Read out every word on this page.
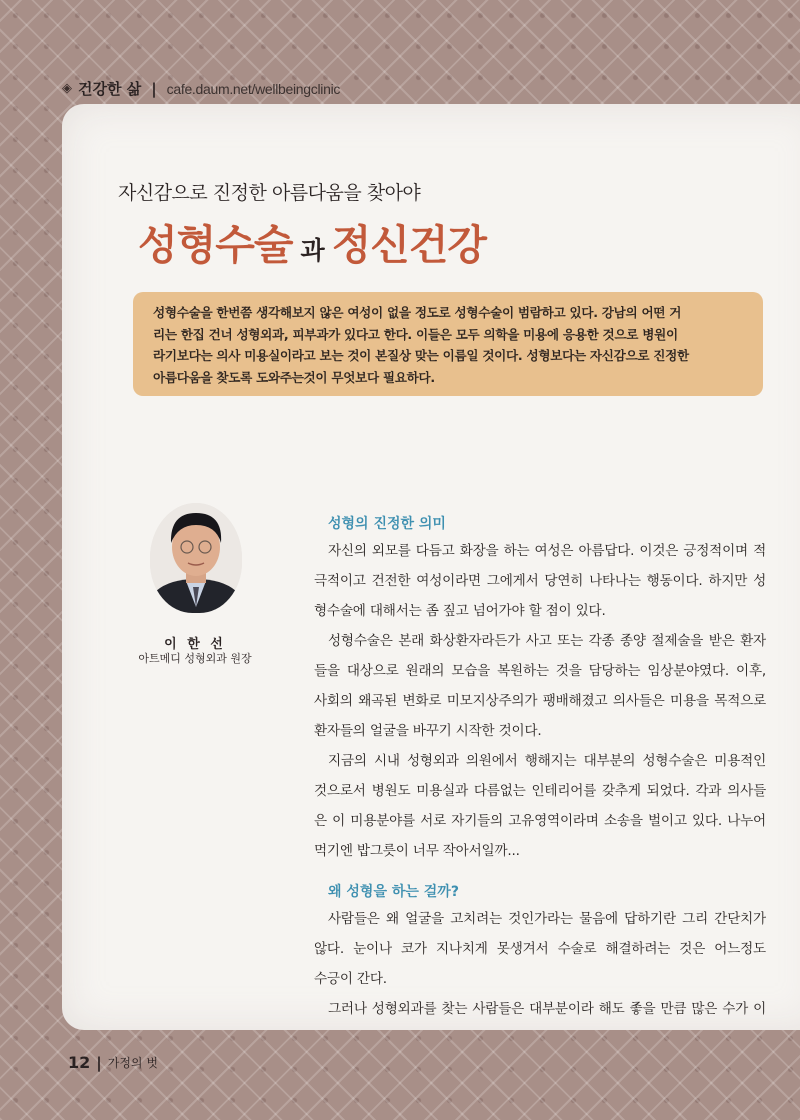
◈ 건강한 삶 | cafe.daum.net/wellbeingclinic
자신감으로 진정한 아름다움을 찾아야
성형수술 과 정신건강
성형수술을 한번쯤 생각해보지 않은 여성이 없을 정도로 성형수술이 범람하고 있다. 강남의 어떤 거
리는 한집 건너 성형외과, 피부과가 있다고 한다. 이들은 모두 의학을 미용에 응용한 것으로 병원이
라기보다는 의사 미용실이라고 보는 것이 본질상 맞는 이름일 것이다. 성형보다는 자신감으로 진정한
아름다움을 찾도록 도와주는것이 무엇보다 필요하다.
이 한 선
아트메디 성형외과 원장
성형의 진정한 의미
자신의 외모를 다듬고 화장을 하는 여성은 아름답다. 이것은 긍정적이며 적
극적이고 건전한 여성이라면 그에게서 당연히 나타나는 행동이다. 하지만 성
형수술에 대해서는 좀 짚고 넘어가야 할 점이 있다.
성형수술은 본래 화상환자라든가 사고 또는 각종 종양 절제술을 받은 환자
들을 대상으로 원래의 모습을 복원하는 것을 담당하는 임상분야였다. 이후,
사회의 왜곡된 변화로 미모지상주의가 팽배해졌고 의사들은 미용을 목적으로
환자들의 얼굴을 바꾸기 시작한 것이다.
지금의 시내 성형외과 의원에서 행해지는 대부분의 성형수술은 미용적인
것으로서 병원도 미용실과 다름없는 인테리어를 갖추게 되었다. 각과 의사들
은 이 미용분야를 서로 자기들의 고유영역이라며 소송을 벌이고 있다. 나누어
먹기엔 밥그릇이 너무 작아서일까...
왜 성형을 하는 걸까?
사람들은 왜 얼굴을 고치려는 것인가라는 물음에 답하기란 그리 간단치가
않다. 눈이나 코가 지나치게 못생겨서 수술로 해결하려는 것은 어느정도
수긍이 간다.
그러나 성형외과를 찾는 사람들은 대부분이라 해도 좋을 만큼 많은 수가 이
12 | 가정의 벗
